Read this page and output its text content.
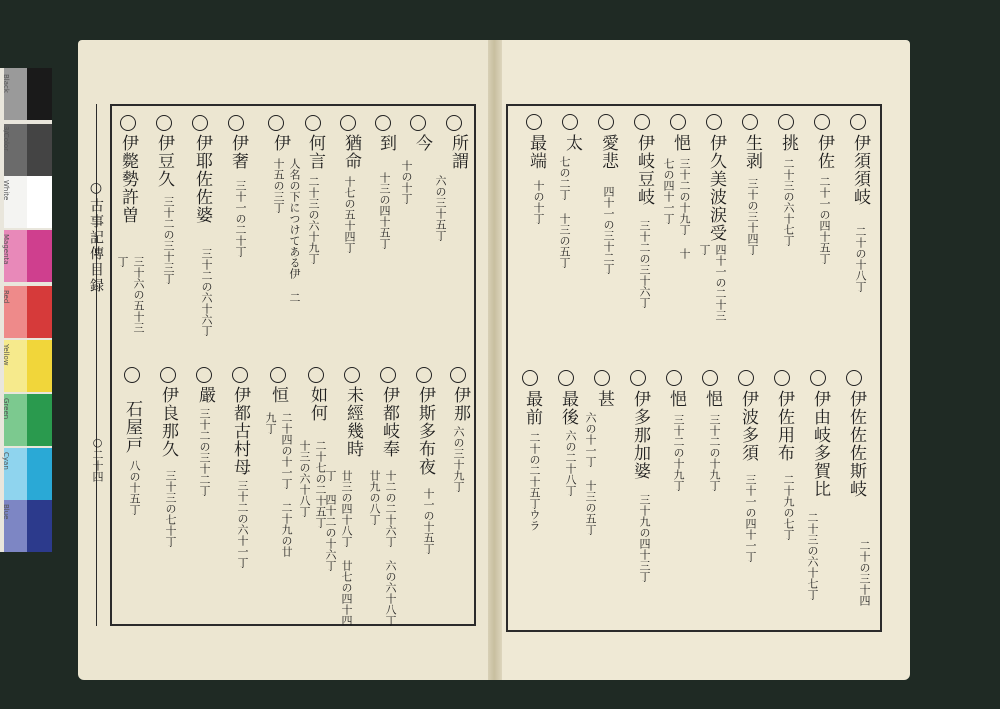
Black
3/Color
White
Magenta
Red
Yellow
Green
Cyan
Blue
○古事記傳目録
○二十四
所謂
六の三十五丁
今
十の十丁
到
十三の四十五丁
猶命
十七の五十四丁
何言
二十三の六十九丁
伊
人名の下につけてある伊 二十五の三丁
伊奢
三十一の二十丁
伊耶佐佐婆
三十二の六十六丁
伊豆久
三十二の三十三丁
伊斃勢許曽
三十六の五十三丁
伊那
六の三十九丁
伊斯多布夜
十一の十五丁
伊都岐奉
十二の二十六丁 六の六十八丁 廿九の八丁
未經幾時
廿三の四十八丁 廿七の四十四丁 四十二の十六丁
如何
二十七の二十五丁 十三の六十八丁
恒
二十四の十一丁 二十九の廿九丁
伊都古村母
三十二の六十一丁
嚴
三十二の三十二丁
伊良那久
三十三の七十丁
石屋戸
八の十五丁
伊須須岐
二十の十八丁
伊佐
二十一の四十五丁
挑
二十三の六十七丁
生剥
三十の三十四丁
伊久美波涙受
四十一の二十三丁
悒
三十二の十九丁 十七の四十一丁
伊岐豆岐
三十二の三十六丁
愛悲
四十一の三十二丁
太
七の二丁 十三の五丁
最端
十の十丁
伊佐佐佐斯岐
二十の三十四
伊由岐多賀比
二十三の六十七丁
伊佐用布
二十九の七丁
伊波多須
三十一の四十一丁
悒
三十二の十九丁
悒
三十二の十九丁
伊多那加婆
三十九の四十三丁
甚
六の十一丁 十三の五丁
最後
六の二十八丁
最前
二十の二十五丁ウラ
